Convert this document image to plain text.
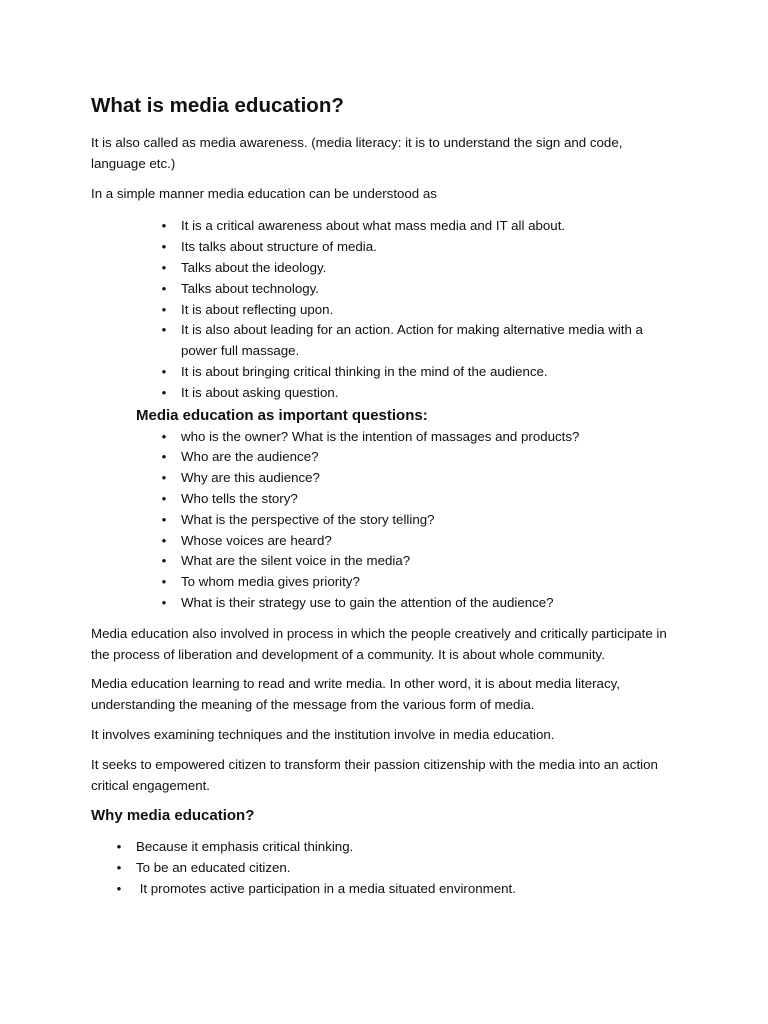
What is media education?

It is also called as media awareness. (media literacy: it is to understand the sign and code, language etc.)

In a simple manner media education can be understood as

• It is a critical awareness about what mass media and IT all about.
• Its talks about structure of media.
• Talks about the ideology.
• Talks about technology.
• It is about reflecting upon.
• It is also about leading for an action. Action for making alternative media with a power full massage.
• It is about bringing critical thinking in the mind of the audience.
• It is about asking question.
Media education as important questions:
• who is the owner? What is the intention of massages and products?
• Who are the audience?
• Why are this audience?
• Who tells the story?
• What is the perspective of the story telling?
• Whose voices are heard?
• What are the silent voice in the media?
• To whom media gives priority?
• What is their strategy use to gain the attention of the audience?

Media education also involved in process in which the people creatively and critically participate in the process of liberation and development of a community. It is about whole community.

Media education learning to read and write media. In other word, it is about media literacy, understanding the meaning of the message from the various form of media.

It involves examining techniques and the institution involve in media education.

It seeks to empowered citizen to transform their passion citizenship with the media into an action critical engagement.

Why media education?
• Because it emphasis critical thinking.
• To be an educated citizen.
• It promotes active participation in a media situated environment.
